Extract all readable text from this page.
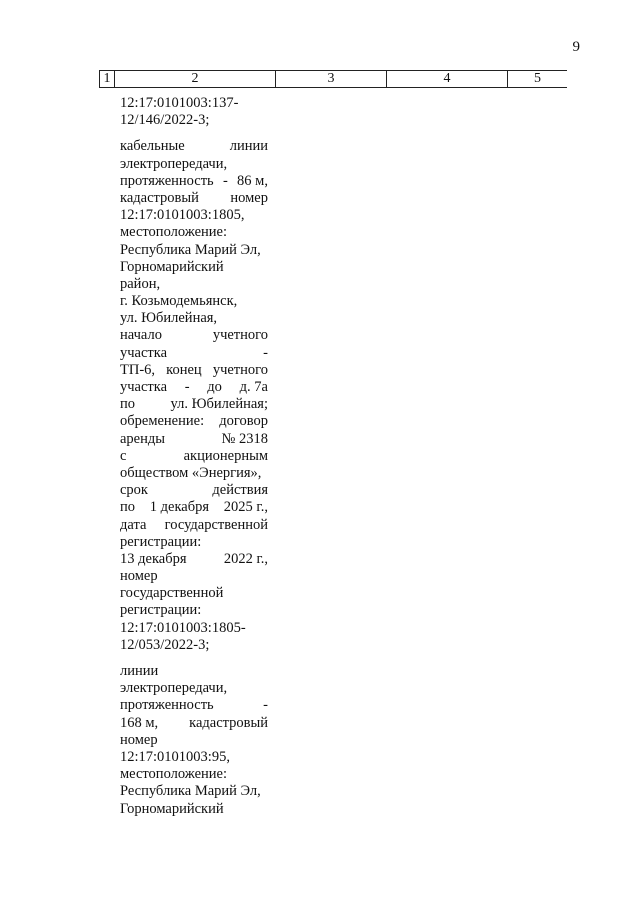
9
1	2	3	4	5
12:17:0101003:137-
12/146/2022-3;
кабельные	линии
электропередачи,
протяженность - 86 м,
кадастровый номер
12:17:0101003:1805,
местоположение:
Республика Марий Эл,
Горномарийский
район,
г. Козьмодемьянск,
ул. Юбилейная,
начало	учетного
участка	-
ТП-6, конец учетного
участка - до д. 7а
по ул. Юбилейная;
обременение: договор
аренды	№ 2318
с	акционерным
обществом «Энергия»,
срок	действия
по 1 декабря 2025 г.,
дата государственной
регистрации:
13 декабря	2022 г.,
номер
государственной
регистрации:
12:17:0101003:1805-
12/053/2022-3;
линии
электропередачи,
протяженность	-
168 м, кадастровый
номер
12:17:0101003:95,
местоположение:
Республика Марий Эл,
Горномарийский
